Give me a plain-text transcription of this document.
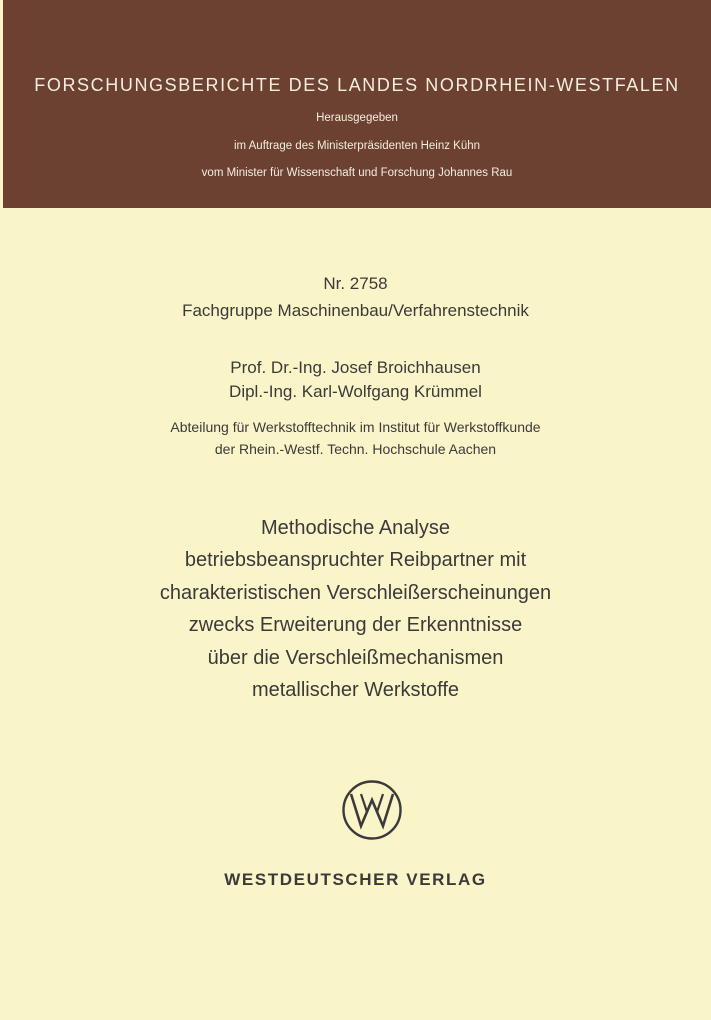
FORSCHUNGSBERICHTE DES LANDES NORDRHEIN-WESTFALEN
Herausgegeben
im Auftrage des Ministerpräsidenten Heinz Kühn
vom Minister für Wissenschaft und Forschung Johannes Rau
Nr. 2758
Fachgruppe Maschinenbau/Verfahrenstechnik
Prof. Dr.-Ing. Josef Broichhausen
Dipl.-Ing. Karl-Wolfgang Krümmel
Abteilung für Werkstofftechnik im Institut für Werkstoffkunde
der Rhein.-Westf. Techn. Hochschule Aachen
Methodische Analyse
betriebsbeanspruchter Reibpartner mit
charakteristischen Verschleißerscheinungen
zwecks Erweiterung der Erkenntnisse
über die Verschleißmechanismen
metallischer Werkstoffe
WESTDEUTSCHER VERLAG
